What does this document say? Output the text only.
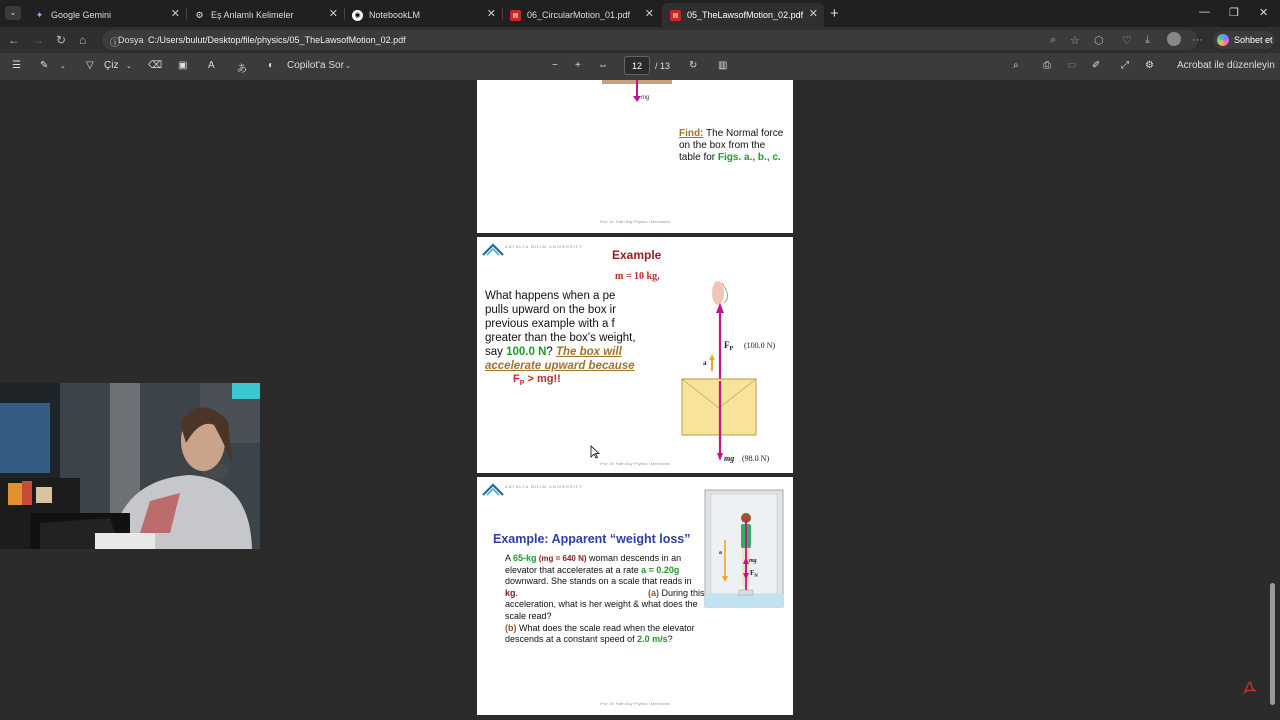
⌄	✦ Google Gemini	✕ ⚙ Eş Anlamlı Kelimeler	✕	◉ NotebookLM	✕	▤ 06_CircularMotion_01.pdf ✕	▤ 05_TheLawsofMotion_02.pdf ✕ +	— ❐ ✕
← → ↻ ⌂ ⓘ
Dosya C:/Users/bulut/Desktop/file/physics/05_TheLawsofMotion_02.pdf	⌕ ☆ ⬡ ♡ ⤓	···	Sohbet et
☰ ✎ ⌄ ▽ Çiz ⌄ ⌫ ▣ A あ ◐ Copilot'a Sor ⌄	− + ⇔	12	/ 13 ↻ ▥	⌕ ⎙ ▭ ✐ ⤢ ⚙ Acrobat ile düzenleyin
mg
Find: The Normal force on the box from the table for Figs. a., b., c.
Prof. Dr. Fatih Bay Physics I Mechanics
ANTALYA BILIM UNIVERSITY
Example
m = 10 kg,
What happens when a pe
pulls upward on the box ir
previous example with a f
greater than the box's weight,
say 100.0 N? The box will
accelerate upward because
$F_P$ > mg!!
$F_P$ (100.0 N)
a
mg (98.0 N)
Prof. Dr. Fatih Bay Physics I Mechanics
ANTALYA BILIM UNIVERSITY
Example: Apparent “weight loss”
A 65-kg (mg = 640 N) woman descends in an elevator that accelerates at a rate a = 0.20g downward. She stands on a scale that reads in kg.	(a) During this acceleration, what is her weight & what does the scale read?
(b) What does the scale read when the elevator descends at a constant speed of 2.0 m/s?
a
mg
$F_N$
Prof. Dr. Fatih Bay Physics I Mechanics
